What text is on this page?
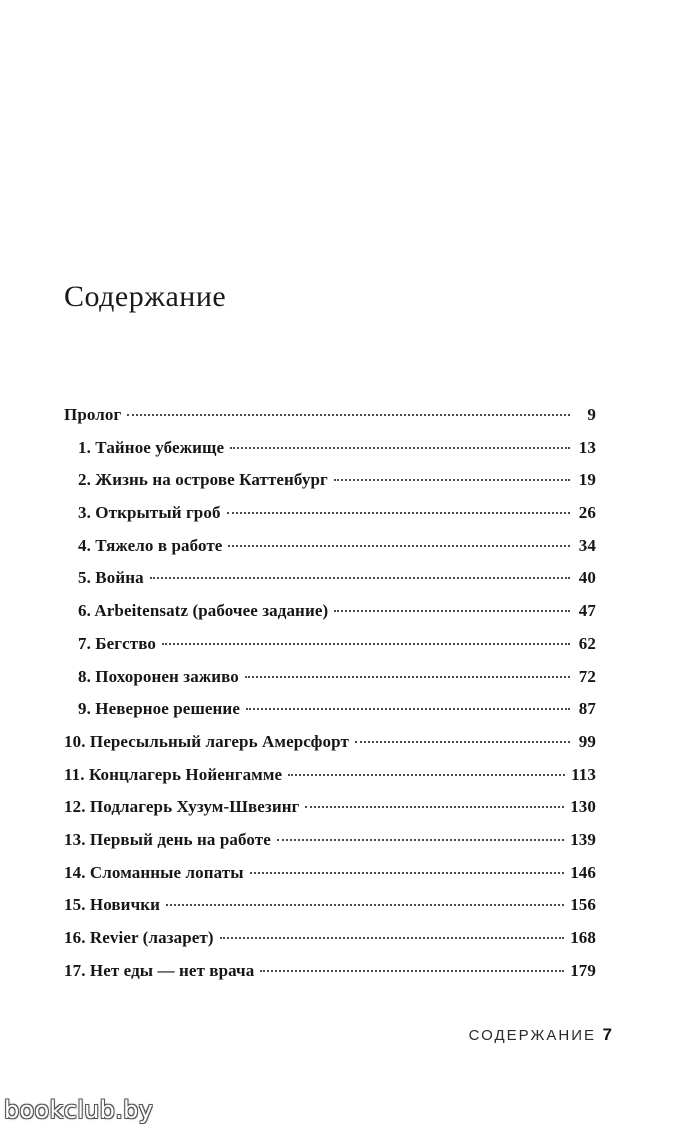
Содержание
Пролог	9
1. Тайное убежище	13
2. Жизнь на острове Каттенбург	19
3. Открытый гроб	26
4. Тяжело в работе	34
5. Война	40
6. Arbeitensatz (рабочее задание)	47
7. Бегство	62
8. Похоронен заживо	72
9. Неверное решение	87
10. Пересыльный лагерь Амерсфорт	99
11. Концлагерь Нойенгамме	113
12. Подлагерь Хузум-Швезинг	130
13. Первый день на работе	139
14. Сломанные лопаты	146
15. Новички	156
16. Revier (лазарет)	168
17. Нет еды — нет врача	179
СОДЕРЖАНИЕ 7
bookclub.by
